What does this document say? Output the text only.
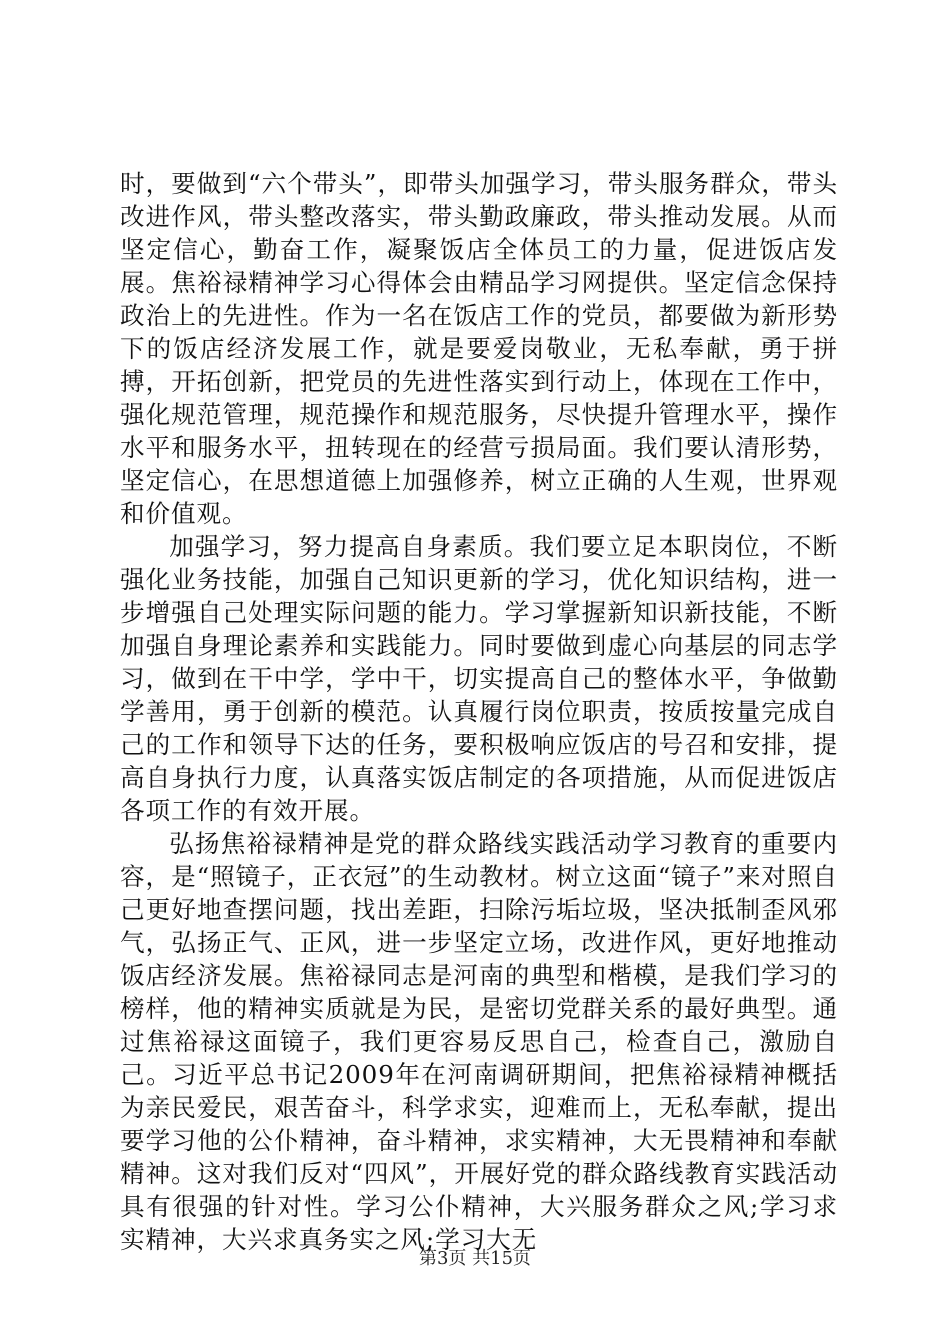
时，要做到“六个带头”，即带头加强学习，带头服务群众，带头改进作风，带头整改落实，带头勤政廉政，带头推动发展。从而坚定信心，勤奋工作，凝聚饭店全体员工的力量，促进饭店发展。焦裕禄精神学习心得体会由精品学习网提供。坚定信念保持政治上的先进性。作为一名在饭店工作的党员，都要做为新形势下的饭店经济发展工作，就是要爱岗敬业，无私奉献，勇于拼搏，开拓创新，把党员的先进性落实到行动上，体现在工作中，强化规范管理，规范操作和规范服务，尽快提升管理水平，操作水平和服务水平，扭转现在的经营亏损局面。我们要认清形势，坚定信心，在思想道德上加强修养，树立正确的人生观，世界观和价值观。

加强学习，努力提高自身素质。我们要立足本职岗位，不断强化业务技能，加强自己知识更新的学习，优化知识结构，进一步增强自己处理实际问题的能力。学习掌握新知识新技能，不断加强自身理论素养和实践能力。同时要做到虚心向基层的同志学习，做到在干中学，学中干，切实提高自己的整体水平，争做勤学善用，勇于创新的模范。认真履行岗位职责，按质按量完成自己的工作和领导下达的任务，要积极响应饭店的号召和安排，提高自身执行力度，认真落实饭店制定的各项措施，从而促进饭店各项工作的有效开展。

弘扬焦裕禄精神是党的群众路线实践活动学习教育的重要内容，是“照镜子，正衣冠”的生动教材。树立这面“镜子”来对照自己更好地查摆问题，找出差距，扫除污垢垃圾，坚决抵制歪风邪气，弘扬正气、正风，进一步坚定立场，改进作风，更好地推动饭店经济发展。焦裕禄同志是河南的典型和楷模，是我们学习的榜样，他的精神实质就是为民，是密切党群关系的最好典型。通过焦裕禄这面镜子，我们更容易反思自己，检查自己，激励自己。习近平总书记2009年在河南调研期间，把焦裕禄精神概括为亲民爱民，艰苦奋斗，科学求实，迎难而上，无私奉献，提出要学习他的公仆精神，奋斗精神，求实精神，大无畏精神和奉献精神。这对我们反对“四风”，开展好党的群众路线教育实践活动具有很强的针对性。学习公仆精神，大兴服务群众之风;学习求实精神，大兴求真务实之风;学习大无

第3页 共15页
